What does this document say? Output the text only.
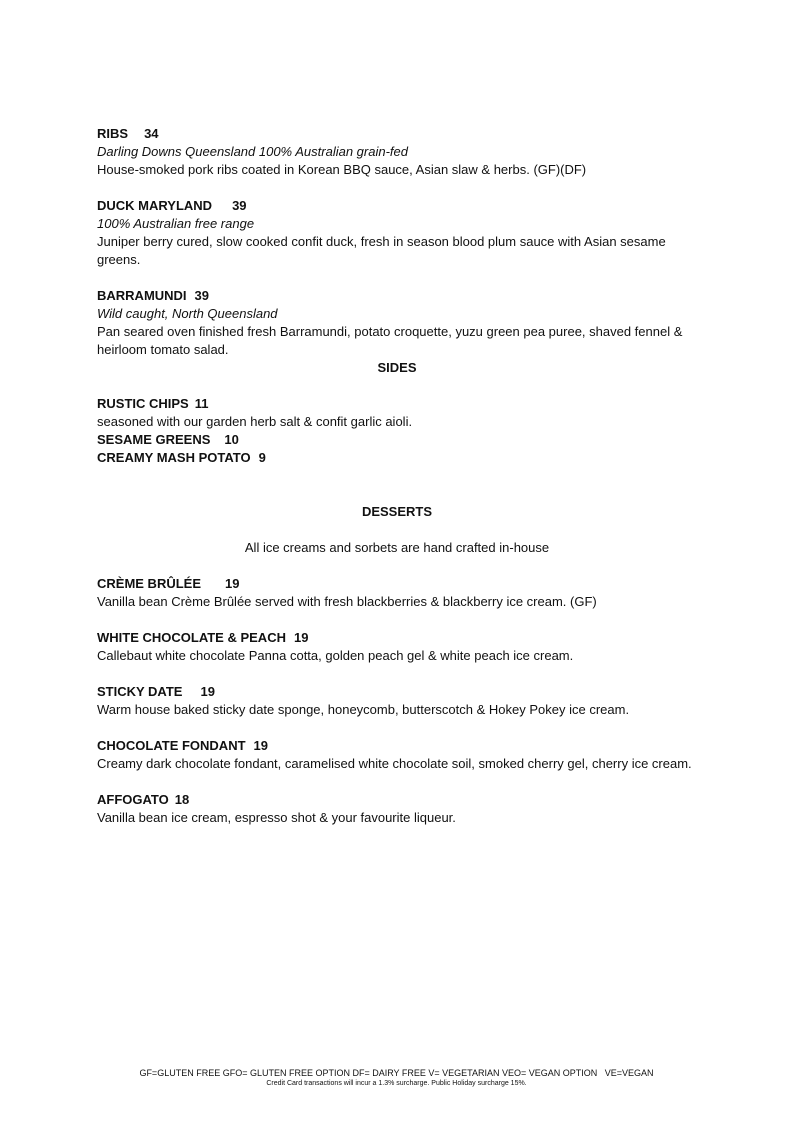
RIBS 34
Darling Downs Queensland 100% Australian grain-fed
House-smoked pork ribs coated in Korean BBQ sauce, Asian slaw & herbs. (GF)(DF)
DUCK MARYLAND 39
100% Australian free range
Juniper berry cured, slow cooked confit duck, fresh in season blood plum sauce with Asian sesame greens.
BARRAMUNDI 39
Wild caught, North Queensland
Pan seared oven finished fresh Barramundi, potato croquette, yuzu green pea puree, shaved fennel & heirloom tomato salad.
SIDES
RUSTIC CHIPS 11
seasoned with our garden herb salt & confit garlic aioli.
SESAME GREENS 10
CREAMY MASH POTATO 9
DESSERTS
All ice creams and sorbets are hand crafted in-house
CRÈME BRÛLÉE 19
Vanilla bean Crème Brûlée served with fresh blackberries & blackberry ice cream. (GF)
WHITE CHOCOLATE & PEACH 19
Callebaut white chocolate Panna cotta, golden peach gel & white peach ice cream.
STICKY DATE 19
Warm house baked sticky date sponge, honeycomb, butterscotch & Hokey Pokey ice cream.
CHOCOLATE FONDANT 19
Creamy dark chocolate fondant, caramelised white chocolate soil, smoked cherry gel, cherry ice cream.
AFFOGATO 18
Vanilla bean ice cream, espresso shot & your favourite liqueur.
GF=GLUTEN FREE GFO= GLUTEN FREE OPTION DF= DAIRY FREE V= VEGETARIAN VEO= VEGAN OPTION   VE=VEGAN
Credit Card transactions will incur a 1.3% surcharge. Public Holiday surcharge 15%.
